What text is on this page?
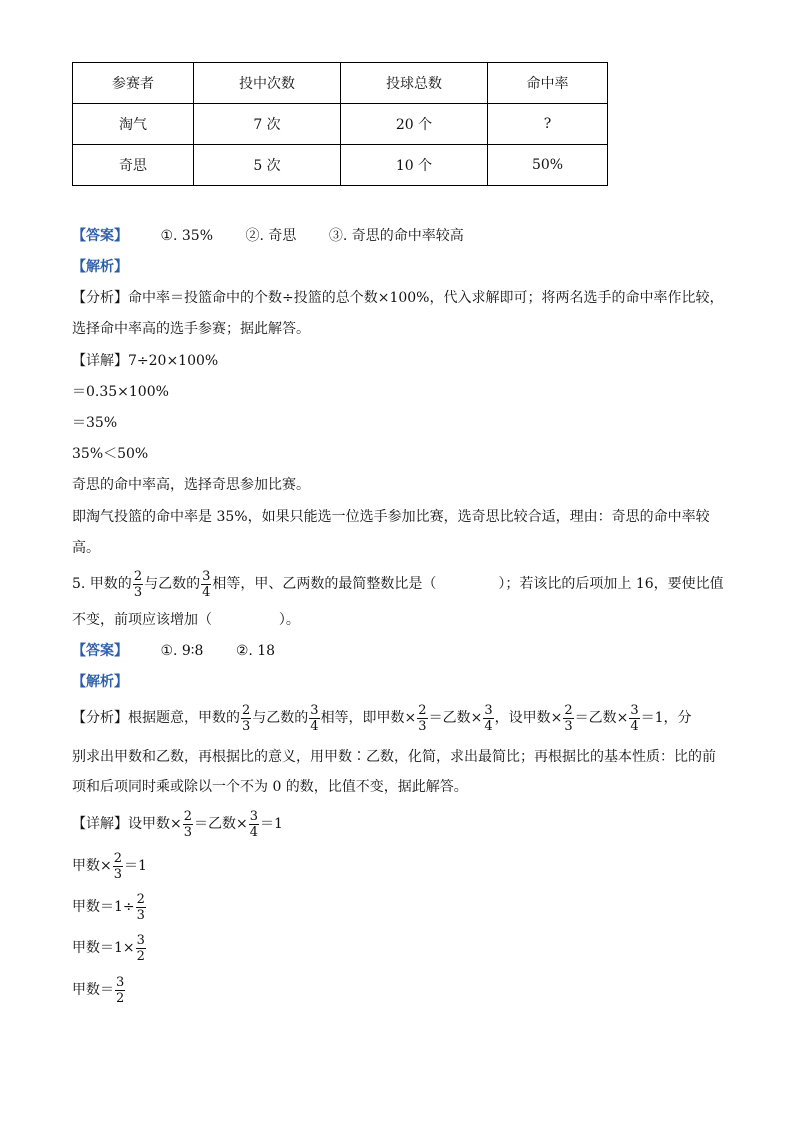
参赛者	投中次数	投球总数	命中率
淘气	7 次	20 个	?
奇思	5 次	10 个	50%
【答案】 ①. 35% ②. 奇思 ③. 奇思的命中率较高
【解析】
【分析】命中率＝投篮命中的个数÷投篮的总个数×100%，代入求解即可；将两名选手的命中率作比较，
选择命中率高的选手参赛；据此解答。
【详解】7÷20×100%
＝0.35×100%
＝35%
35%＜50%
奇思的命中率高，选择奇思参加比赛。
即淘气投篮的命中率是 35%，如果只能选一位选手参加比赛，选奇思比较合适，理由：奇思的命中率较
高。
5. 甲数的 $\frac{2}{3}$ 与乙数的 $\frac{3}{4}$ 相等，甲、乙两数的最简整数比是（	）；若该比的后项加上 16，要使比值
不变，前项应该增加（	）。
【答案】 ①. 9∶8 ②. 18
【解析】
【分析】 根据题意，甲数的 $\frac{2}{3}$ 与乙数的 $\frac{3}{4}$ 相等，即甲数× $\frac{2}{3}$ ＝乙数× $\frac{3}{4}$ ，设甲数× $\frac{2}{3}$ ＝乙数× $\frac{3}{4} =1$，分
别求出甲数和乙数，再根据比的意义，用甲数∶乙数，化简，求出最简比；再根据比的基本性质：比的前
项和后项同时乘或除以一个不为 0 的数，比值不变，据此解答。
【详解】 设甲数× $\frac{2}{3}$ ＝乙数× $\frac{3}{4} =1$
甲数× $\frac{2}{3} =1$
甲数$=1\div \frac{2}{3}$
甲数$=1\times \frac{3}{2}$
甲数＝ $\frac{3}{2}$
